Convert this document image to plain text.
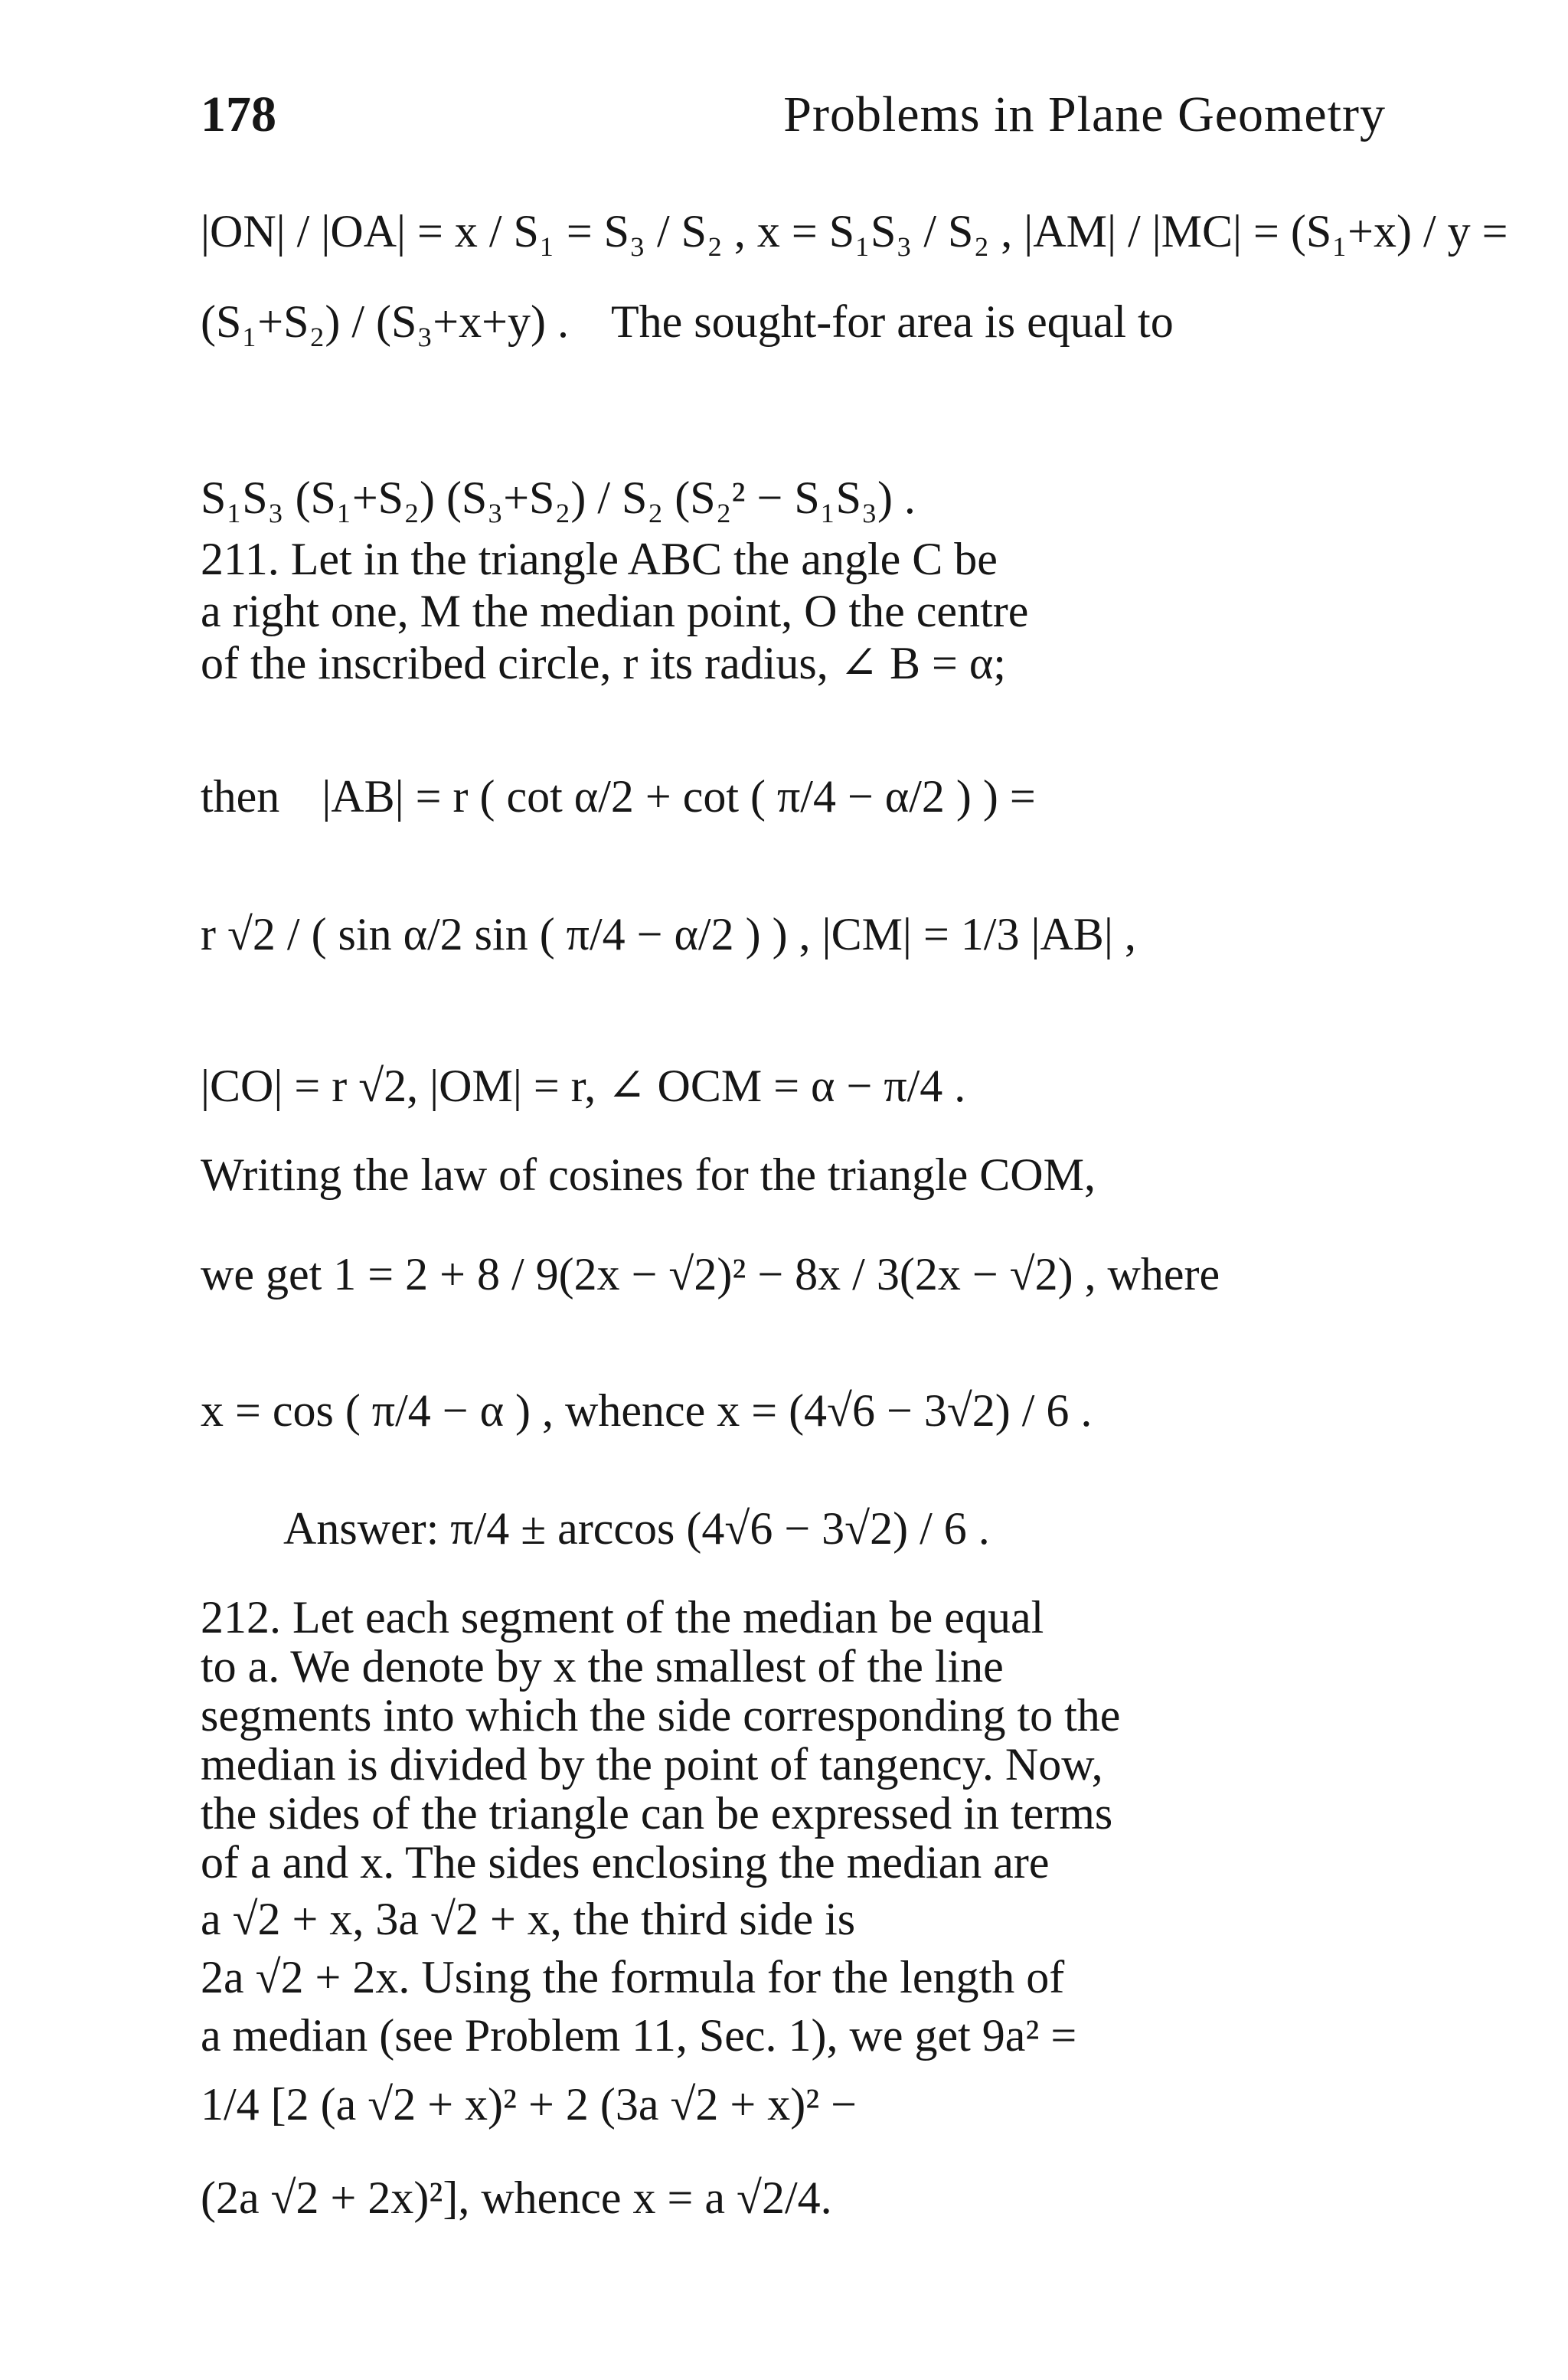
178	Problems in Plane Geometry
|ON| / |OA| = x / S₁ = S₃ / S₂ , x = S₁S₃ / S₂ , |AM| / |MC| = (S₁+x) / y =
(S₁+S₂) / (S₃+x+y) . The sought-for area is equal to
S₁S₃ (S₁+S₂) (S₃+S₂) / S₂ (S₂² − S₁S₃) .
211. Let in the triangle ABC the angle C be
a right one, M the median point, O the centre
of the inscribed circle, r its radius, ∠ B = α;
then |AB| = r ( cot α/2 + cot ( π/4 − α/2 ) ) =
r √2 / ( sin α/2 sin ( π/4 − α/2 ) ) , |CM| = 1/3 |AB| ,
|CO| = r √2, |OM| = r, ∠ OCM = α − π/4 .
Writing the law of cosines for the triangle COM,
we get 1 = 2 + 8 / 9(2x − √2)² − 8x / 3(2x − √2) , where
x = cos ( π/4 − α ) , whence x = (4√6 − 3√2) / 6 .
Answer: π/4 ± arccos (4√6 − 3√2) / 6 .
212. Let each segment of the median be equal
to a. We denote by x the smallest of the line
segments into which the side corresponding to the
median is divided by the point of tangency. Now,
the sides of the triangle can be expressed in terms
of a and x. The sides enclosing the median are
a √2 + x, 3a √2 + x, the third side is
2a √2 + 2x. Using the formula for the length of
a median (see Problem 11, Sec. 1), we get 9a² =
1/4 [2 (a √2 + x)² + 2 (3a √2 + x)² −
(2a √2 + 2x)²], whence x = a √2/4.
